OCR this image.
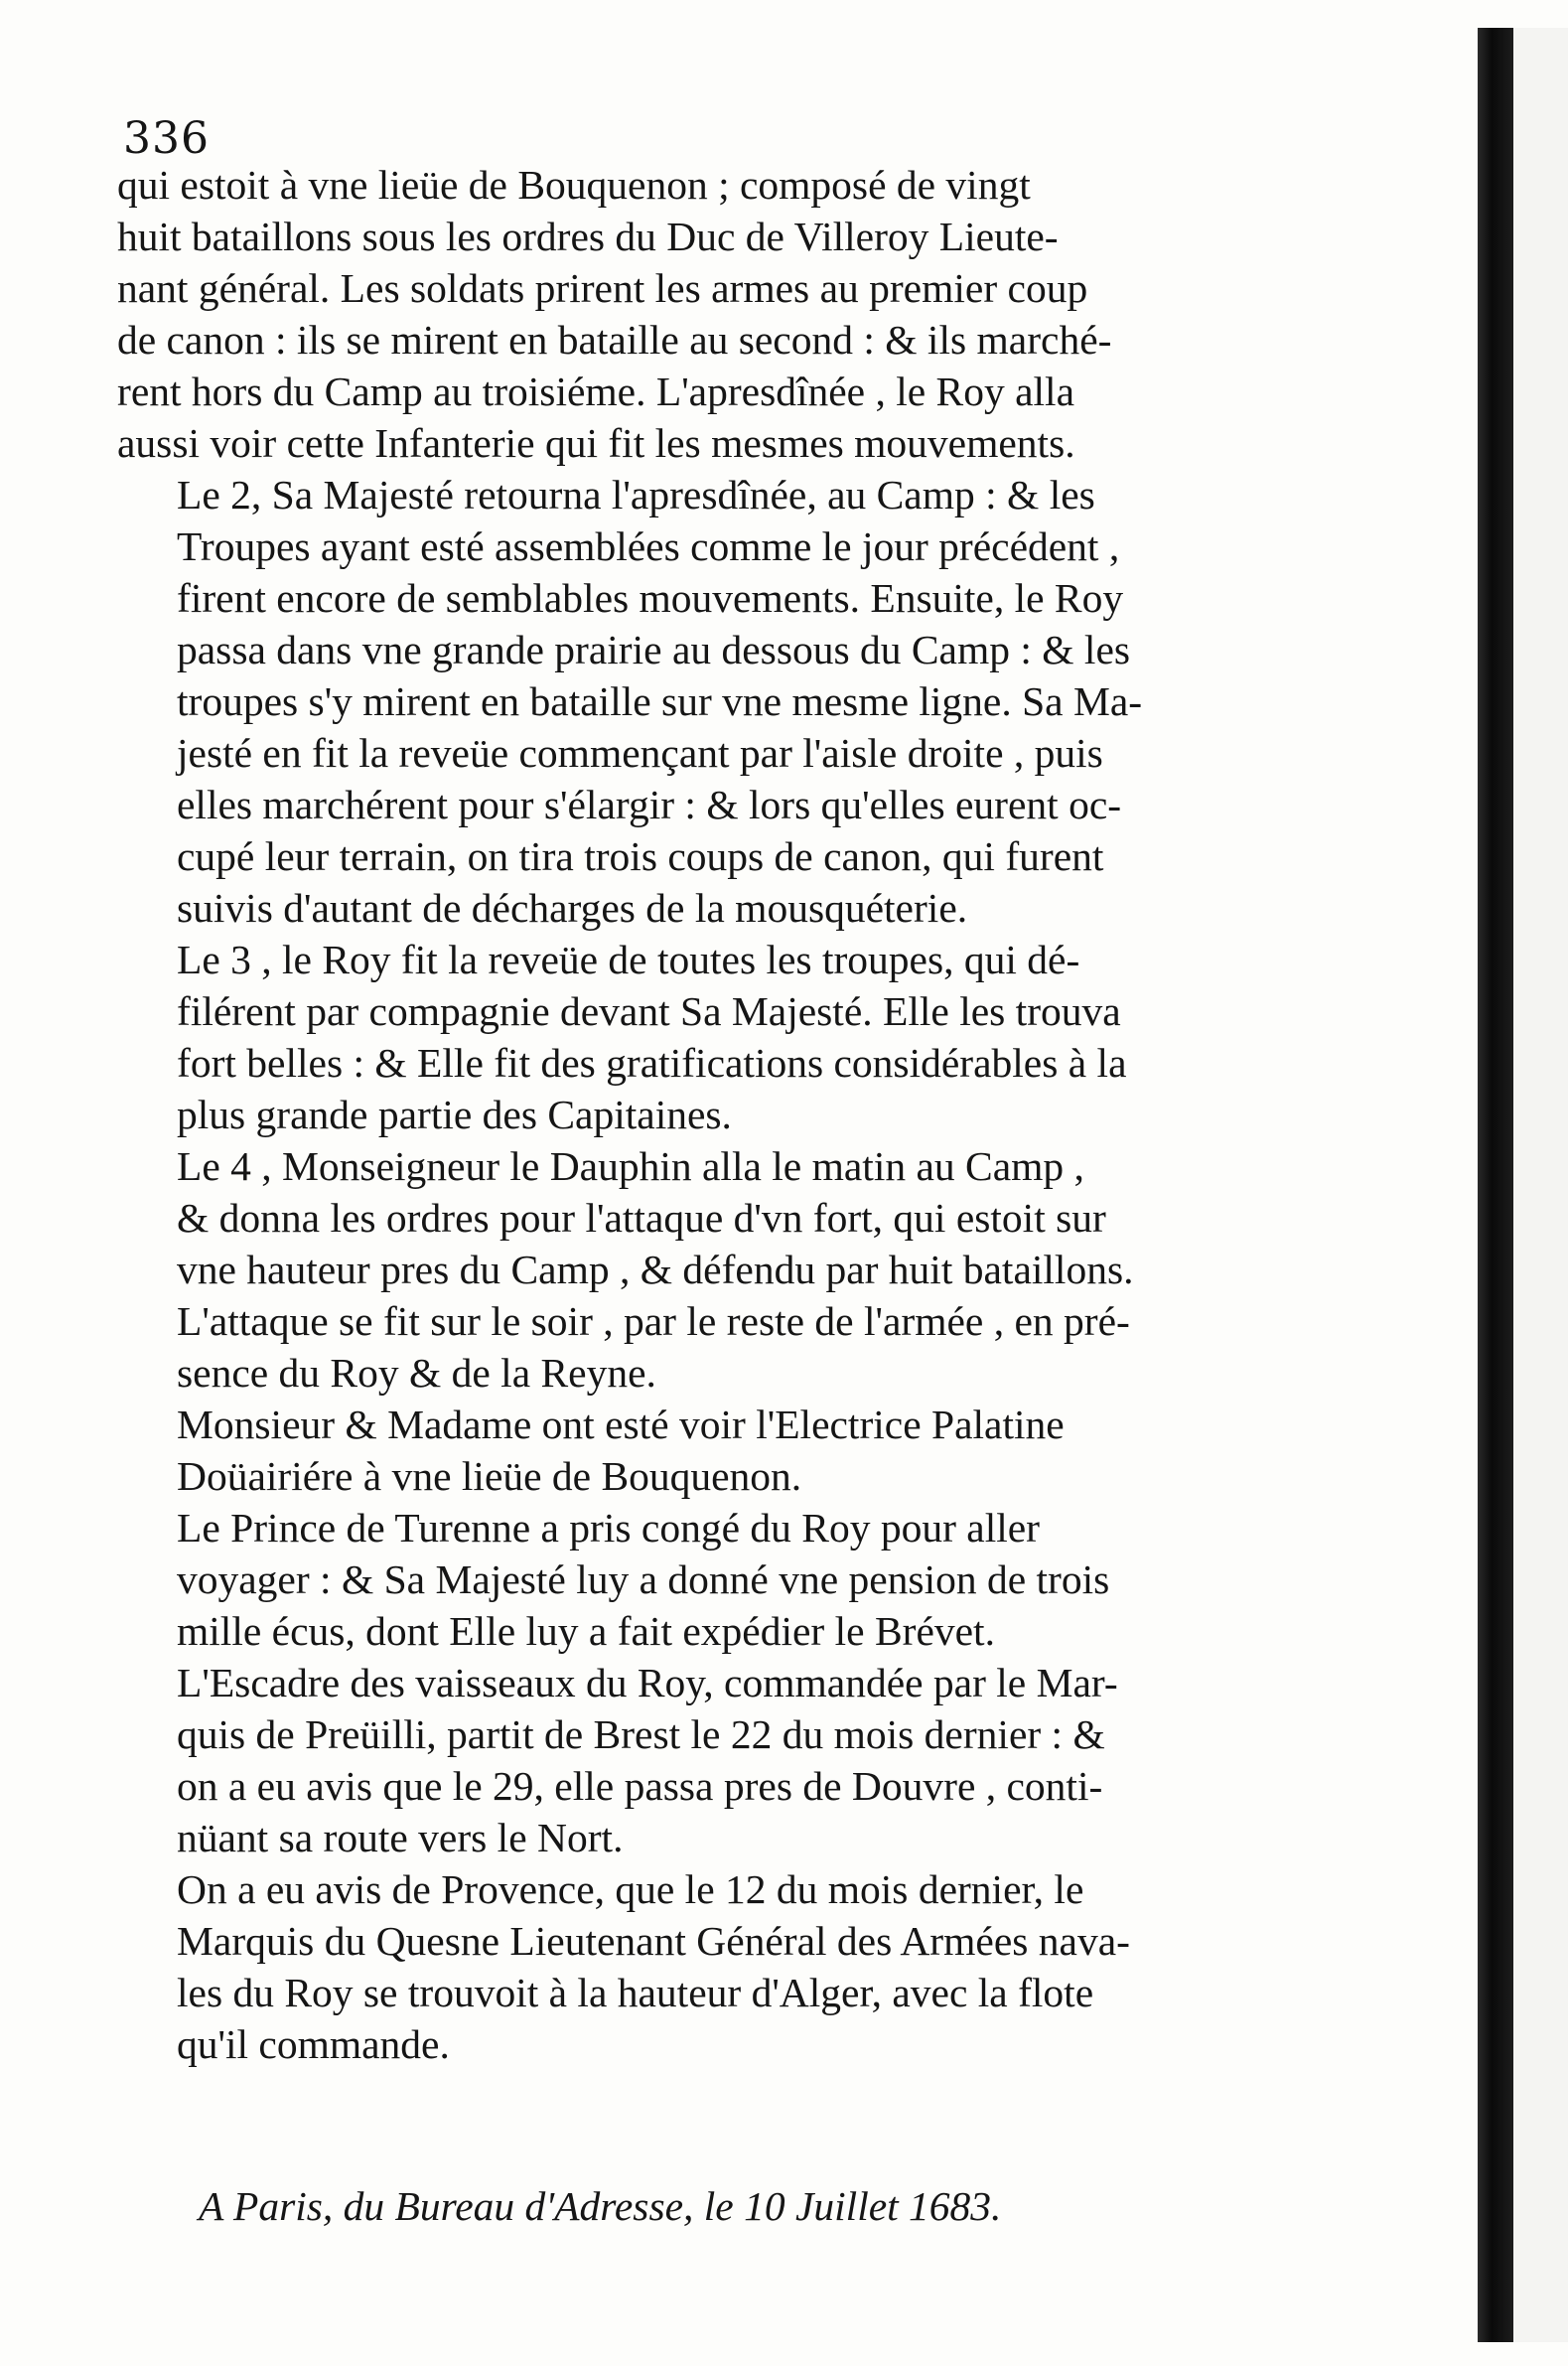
336
qui estoit à vne lieüe de Bouquenon ; composé de vingt
huit bataillons sous les ordres du Duc de Villeroy Lieute-
nant général. Les soldats prirent les armes au premier coup
de canon : ils se mirent en bataille au second : & ils marché-
rent hors du Camp au troisiéme. L'apresdînée , le Roy alla
aussi voir cette Infanterie qui fit les mesmes mouvements.
Le 2, Sa Majesté retourna l'apresdînée, au Camp : & les
Troupes ayant esté assemblées comme le jour précédent ,
firent encore de semblables mouvements. Ensuite, le Roy
passa dans vne grande prairie au dessous du Camp : & les
troupes s'y mirent en bataille sur vne mesme ligne. Sa Ma-
jesté en fit la reveüe commençant par l'aisle droite , puis
elles marchérent pour s'élargir : & lors qu'elles eurent oc-
cupé leur terrain, on tira trois coups de canon, qui furent
suivis d'autant de décharges de la mousquéterie.
Le 3 , le Roy fit la reveüe de toutes les troupes, qui dé-
filérent par compagnie devant Sa Majesté. Elle les trouva
fort belles : & Elle fit des gratifications considérables à la
plus grande partie des Capitaines.
Le 4 , Monseigneur le Dauphin alla le matin au Camp ,
& donna les ordres pour l'attaque d'vn fort, qui estoit sur
vne hauteur pres du Camp , & défendu par huit bataillons.
L'attaque se fit sur le soir , par le reste de l'armée , en pré-
sence du Roy & de la Reyne.
Monsieur & Madame ont esté voir l'Electrice Palatine
Doüairiére à vne lieüe de Bouquenon.
Le Prince de Turenne a pris congé du Roy pour aller
voyager : & Sa Majesté luy a donné vne pension de trois
mille écus, dont Elle luy a fait expédier le Brévet.
L'Escadre des vaisseaux du Roy, commandée par le Mar-
quis de Preüilli, partit de Brest le 22 du mois dernier : &
on a eu avis que le 29, elle passa pres de Douvre , conti-
nüant sa route vers le Nort.
On a eu avis de Provence, que le 12 du mois dernier, le
Marquis du Quesne Lieutenant Général des Armées nava-
les du Roy se trouvoit à la hauteur d'Alger, avec la flote
qu'il commande.
A Paris, du Bureau d'Adresse, le 10 Juillet 1683.
